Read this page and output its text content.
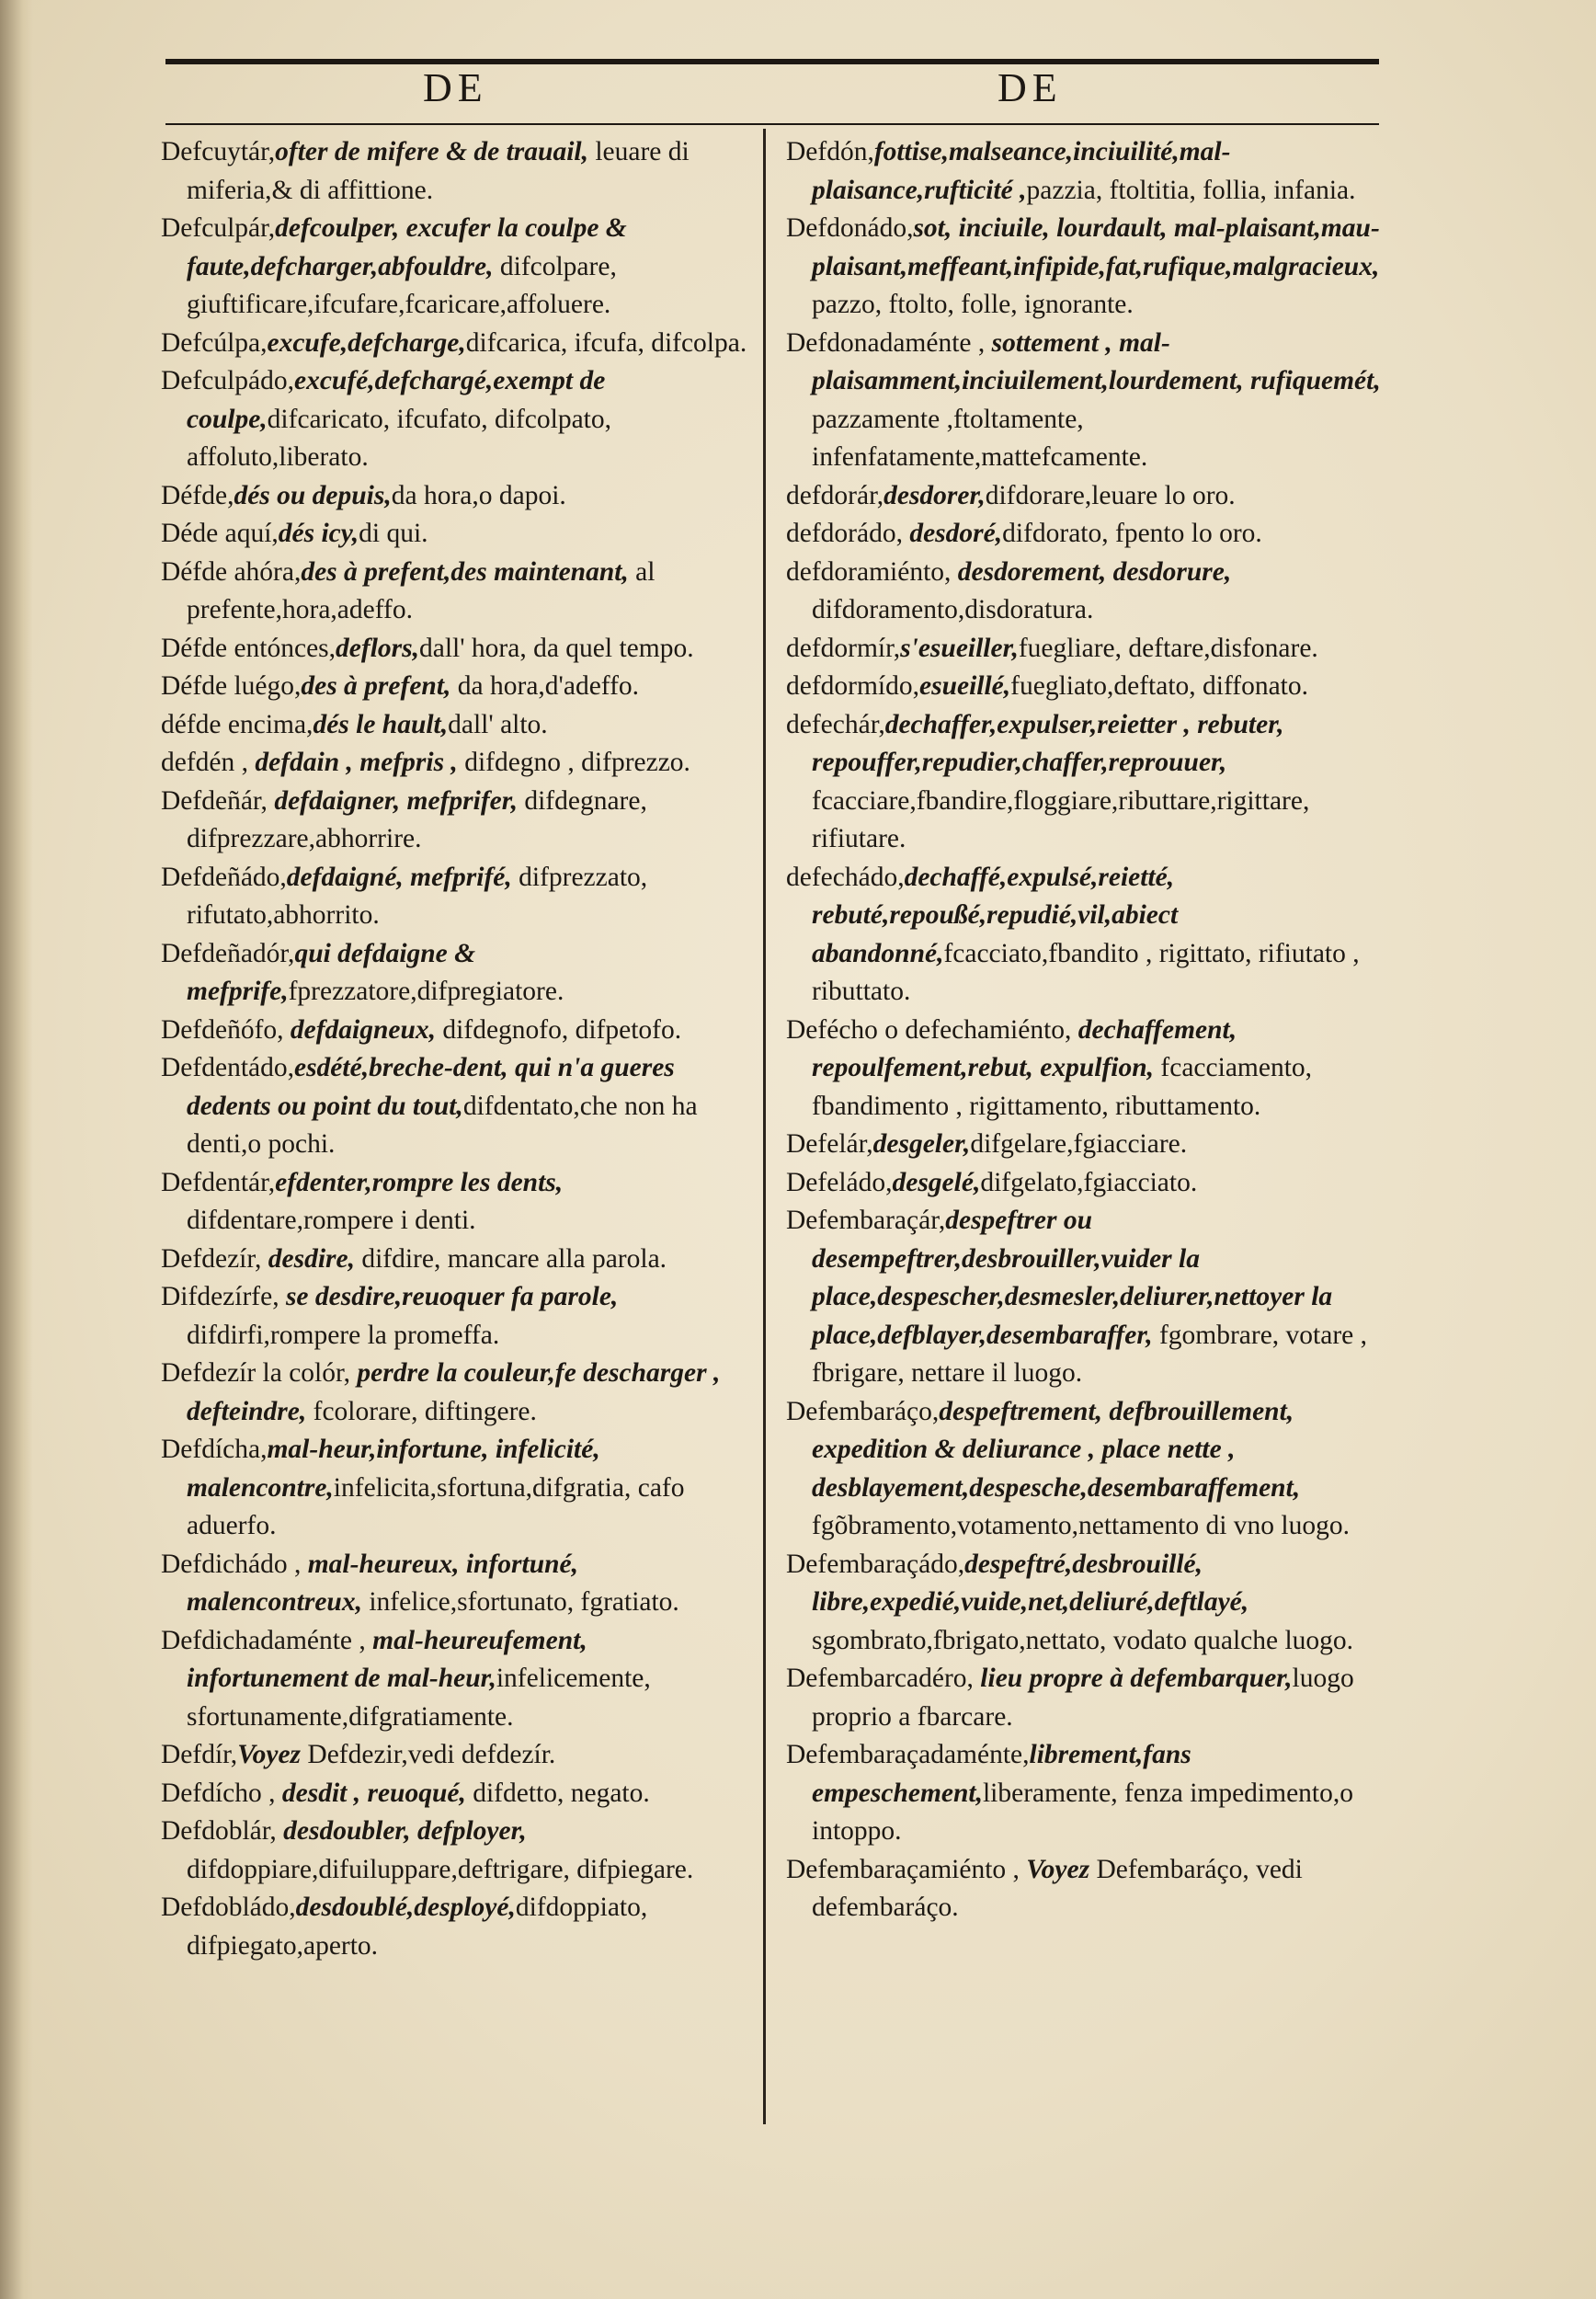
DE	DE

Defcuytár,ofter de mifere & de trauail, leuare di miferia,& di affittione.

Defculpár,defcoulper, excufer la coulpe & faute,defcharger,abfouldre, difcolpare, giuftificare,ifcufare,fcaricare,affoluere.

Defcúlpa,excufe,defcharge,difcarica, ifcufa, difcolpa.

Defculpádo,excufé,defchargé,exempt de coulpe,difcaricato, ifcufato, difcolpato, affoluto,liberato.

Défde,dés ou depuis,da hora,o dapoi.

Déde aquí,dés icy,di qui.

Défde ahóra,des à prefent,des maintenant, al prefente,hora,adeffo.

Défde entónces,deflors,dall' hora, da quel tempo.

Défde luégo,des à prefent, da hora,d'adeffo.

défde encima,dés le hault,dall' alto.

defdén , defdain , mefpris , difdegno , difprezzo.

Defdeñár, defdaigner, mefprifer, difdegnare, difprezzare,abhorrire.

Defdeñádo,defdaigné, mefprifé, difprezzato, rifutato,abhorrito.

Defdeñadór,qui defdaigne & mefprife,fprezzatore,difpregiatore.

Defdeñófo, defdaigneux, difdegnofo, difpetofo.

Defdentádo,esdété,breche-dent, qui n'a gueres dedents ou point du tout,difdentato,che non ha denti,o pochi.

Defdentár,efdenter,rompre les dents, difdentare,rompere i denti.

Defdezír, desdire, difdire, mancare alla parola.

Difdezírfe, se desdire,reuoquer fa parole, difdirfi,rompere la promeffa.

Defdezír la colór, perdre la couleur,fe descharger , defteindre, fcolorare, diftingere.

Defdícha,mal-heur,infortune, infelicité, malencontre,infelicita,sfortuna,difgratia, cafo aduerfo.

Defdichádo , mal-heureux, infortuné, malencontreux, infelice,sfortunato, fgratiato.

Defdichadaménte , mal-heureufement, infortunement de mal-heur,infelicemente, sfortunamente,difgratiamente.

Defdír,Voyez Defdezir,vedi defdezír.

Defdícho , desdit , reuoqué, difdetto, negato.

Defdoblár, desdoubler, defployer, difdoppiare,difuiluppare,deftrigare, difpiegare.

Defdobládo,desdoublé,desployé,difdoppiato, difpiegato,aperto.

Defdón,fottise,malseance,inciuilité,mal-plaisance,rufticité ,pazzia, ftoltitia, follia, infania.

Defdonádo,sot, inciuile, lourdault, mal-plaisant,mau-plaisant,meffeant,infipide,fat,rufique,malgracieux, pazzo, ftolto, folle, ignorante.

Defdonadaménte , sottement , mal-plaisamment,inciuilement,lourdement, rufiquemét, pazzamente ,ftoltamente, infenfatamente,mattefcamente.

defdorár,desdorer,difdorare,leuare lo oro.

defdorádo, desdoré,difdorato, fpento lo oro.

defdoramiénto, desdorement, desdorure, difdoramento,disdoratura.

defdormír,s'esueiller,fuegliare, deftare,disfonare.

defdormído,esueillé,fuegliato,deftato, diffonato.

defechár,dechaffer,expulser,reietter , rebuter, repouffer,repudier,chaffer,reprouuer, fcacciare,fbandire,floggiare,ributtare,rigittare, rifiutare.

defechádo,dechaffé,expulsé,reietté, rebuté,repoußé,repudié,vil,abiect abandonné,fcacciato,fbandito , rigittato, rifiutato , ributtato.

Deféchο o defechamiénto, dechaffement, repoulfement,rebut, expulfion, fcacciamento, fbandimento , rigittamento, ributtamento.

Defelár,desgeler,difgelare,fgiacciare.

Defeládo,desgelé,difgelato,fgiacciato.

Defembaraçár,despeftrer ou desempeftrer,desbrouiller,vuider la place,despescher,desmesler,deliurer,nettoyer la place,defblayer,desembaraffer, fgombrare, votare , fbrigare, nettare il luogo.

Defembaráço,despeftrement, defbrouillement, expedition & deliurance , place nette , desblayement,despesche,desembaraffement, fgõbramento,votamento,nettamento di vno luogo.

Defembaraçádo,despeftré,desbrouillé, libre,expedié,vuide,net,deliuré,deftlayé, sgombrato,fbrigato,nettato, vodato qualche luogo.

Defembarcadéro, lieu propre à defembarquer,luogo proprio a fbarcare.

Defembaraçadaménte,librement,fans empeschement,liberamente, fenza impedimento,o intoppo.

Defembaraçamiénto , Voyez Defembaráço, vedi defembaráço.
